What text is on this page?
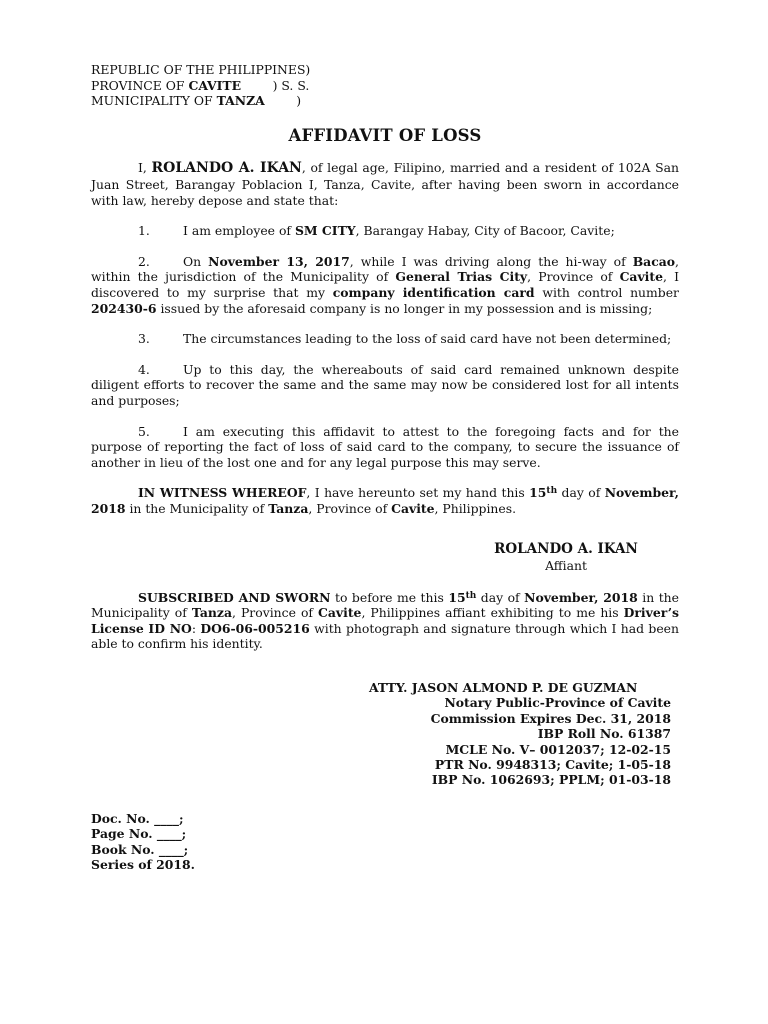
REPUBLIC OF THE PHILIPPINES)
PROVINCE OF CAVITE        ) S. S.
MUNICIPALITY OF TANZA        )
AFFIDAVIT OF LOSS

I, ROLANDO A. IKAN, of legal age, Filipino, married and a resident of 102A San Juan Street, Barangay Poblacion I, Tanza, Cavite, after having been sworn in accordance with law, hereby depose and state that:

1.	I am employee of SM CITY, Barangay Habay, City of Bacoor, Cavite;

2.	On November 13, 2017, while I was driving along the hi-way of Bacao, within the jurisdiction of the Municipality of General Trias City, Province of Cavite, I discovered to my surprise that my company identification card with control number 202430-6 issued by the aforesaid company is no longer in my possession and is missing;

3.	The circumstances leading to the loss of said card have not been determined;

4.	Up to this day, the whereabouts of said card remained unknown despite diligent efforts to recover the same and the same may now be considered lost for all intents and purposes;

5.	I am executing this affidavit to attest to the foregoing facts and for the purpose of reporting the fact of loss of said card to the company, to secure the issuance of another in lieu of the lost one and for any legal purpose this may serve.

IN WITNESS WHEREOF, I have hereunto set my hand this 15th day of November, 2018 in the Municipality of Tanza, Province of Cavite, Philippines.

ROLANDO A. IKAN
Affiant

SUBSCRIBED AND SWORN to before me this 15th day of November, 2018 in the Municipality of Tanza, Province of Cavite, Philippines affiant exhibiting to me his Driver’s License ID NO: DO6-06-005216 with photograph and signature through which I had been able to confirm his identity.

ATTY. JASON ALMOND P. DE GUZMAN
Notary Public-Province of Cavite
Commission Expires Dec. 31, 2018
IBP Roll No. 61387
MCLE No. V– 0012037; 12-02-15
PTR No. 9948313; Cavite; 1-05-18
IBP No. 1062693; PPLM; 01-03-18
Doc. No. ____;
Page No. ____;
Book No. ____;
Series of 2018.
